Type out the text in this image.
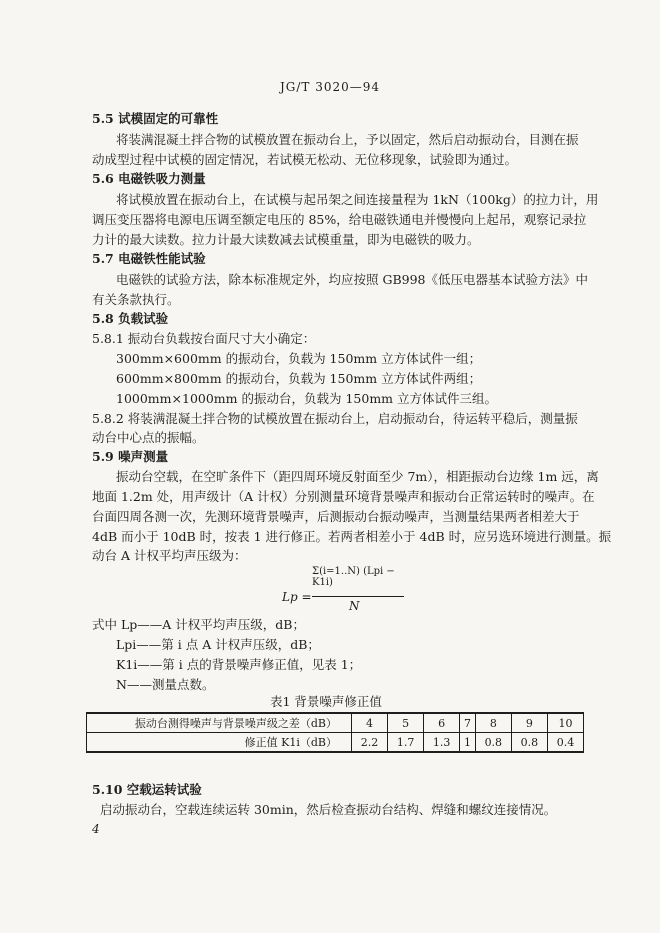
JG/T 3020—94
5.5 试模固定的可靠性
将装满混凝土拌合物的试模放置在振动台上，予以固定，然后启动振动台，目测在振
动成型过程中试模的固定情况，若试模无松动、无位移现象，试验即为通过。
5.6 电磁铁吸力测量
将试模放置在振动台上，在试模与起吊架之间连接量程为 1kN（100kg）的拉力计，用
调压变压器将电源电压调至额定电压的 85%，给电磁铁通电并慢慢向上起吊，观察记录拉
力计的最大读数。拉力计最大读数减去试模重量，即为电磁铁的吸力。
5.7 电磁铁性能试验
电磁铁的试验方法，除本标准规定外，均应按照 GB998《低压电器基本试验方法》中
有关条款执行。
5.8 负载试验
5.8.1 振动台负载按台面尺寸大小确定：
300mm×600mm 的振动台，负载为 150mm 立方体试件一组；
600mm×800mm 的振动台，负载为 150mm 立方体试件两组；
1000mm×1000mm 的振动台，负载为 150mm 立方体试件三组。
5.8.2 将装满混凝土拌合物的试模放置在振动台上，启动振动台，待运转平稳后，测量振
动台中心点的振幅。
5.9 噪声测量
振动台空载，在空旷条件下（距四周环境反射面至少 7m），相距振动台边缘 1m 远，离
地面 1.2m 处，用声级计（A 计权）分别测量环境背景噪声和振动台正常运转时的噪声。在
台面四周各测一次，先测环境背景噪声，后测振动台振动噪声，当测量结果两者相差大于
4dB 而小于 10dB 时，按表 1 进行修正。若两者相差小于 4dB 时，应另选环境进行测量。振
动台 A 计权平均声压级为：
式中 Lp——A 计权平均声压级，dB；
Lpi——第 i 点 A 计权声压级，dB；
K1i——第 i 点的背景噪声修正值，见表 1；
N——测量点数。
5.10 空载运转试验
启动振动台，空载连续运转 30min，然后检查振动台结构、焊缝和螺纹连接情况。
Lp =
Σ(i=1..N) (Lpi − K1i)
N
表1 背景噪声修正值
振动台测得噪声与背景噪声级之差（dB）	4	5	6	7	8	9	10
修正值 K1i（dB）	2.2	1.7	1.3	1	0.8	0.8	0.4
4
